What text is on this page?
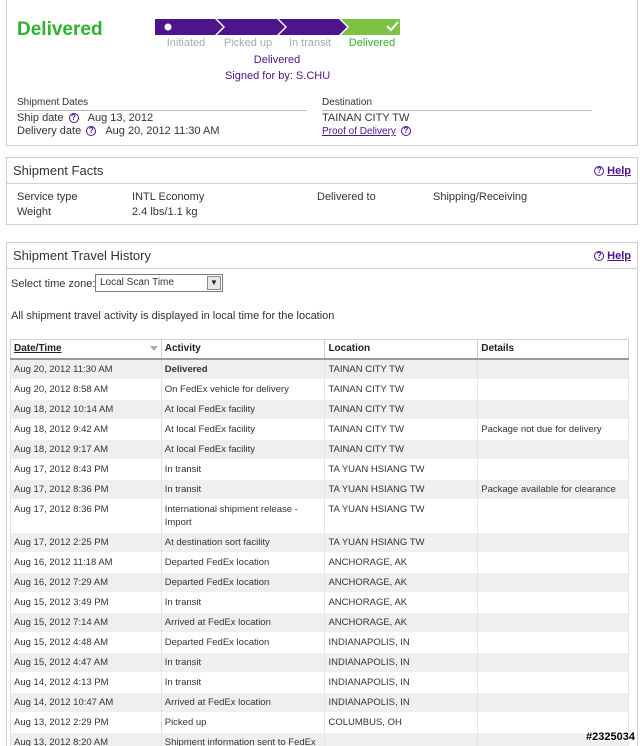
Delivered
Initiated	Picked up	In transit	Delivered
Delivered
Signed for by: S.CHU
Shipment Dates
Ship date ? Aug 13, 2012
Delivery date ? Aug 20, 2012 11:30 AM
Destination
TAINAN CITY TW
Proof of Delivery ?
Shipment Facts	? Help
Service type	INTL Economy
Weight	2.4 lbs/1.1 kg
Delivered to	Shipping/Receiving
Shipment Travel History	? Help
Select time zone: Local Scan Time	▼
All shipment travel activity is displayed in local time for the location
Date/Time	Activity	Location	Details
Aug 20, 2012 11:30 AM	Delivered	TAINAN CITY TW	
Aug 20, 2012 8:58 AM	On FedEx vehicle for delivery	TAINAN CITY TW	
Aug 18, 2012 10:14 AM	At local FedEx facility	TAINAN CITY TW	
Aug 18, 2012 9:42 AM	At local FedEx facility	TAINAN CITY TW	Package not due for delivery
Aug 18, 2012 9:17 AM	At local FedEx facility	TAINAN CITY TW	
Aug 17, 2012 8:43 PM	In transit	TA YUAN HSIANG TW	
Aug 17, 2012 8:36 PM	In transit	TA YUAN HSIANG TW	Package available for clearance
Aug 17, 2012 8:36 PM	International shipment release - Import	TA YUAN HSIANG TW	
Aug 17, 2012 2:25 PM	At destination sort facility	TA YUAN HSIANG TW	
Aug 16, 2012 11:18 AM	Departed FedEx location	ANCHORAGE, AK	
Aug 16, 2012 7:29 AM	Departed FedEx location	ANCHORAGE, AK	
Aug 15, 2012 3:49 PM	In transit	ANCHORAGE, AK	
Aug 15, 2012 7:14 AM	Arrived at FedEx location	ANCHORAGE, AK	
Aug 15, 2012 4:48 AM	Departed FedEx location	INDIANAPOLIS, IN	
Aug 15, 2012 4:47 AM	In transit	INDIANAPOLIS, IN	
Aug 14, 2012 4:13 PM	In transit	INDIANAPOLIS, IN	
Aug 14, 2012 10:47 AM	Arrived at FedEx location	INDIANAPOLIS, IN	
Aug 13, 2012 2:29 PM	Picked up	COLUMBUS, OH	
Aug 13, 2012 8:20 AM	Shipment information sent to FedEx			#2325034
